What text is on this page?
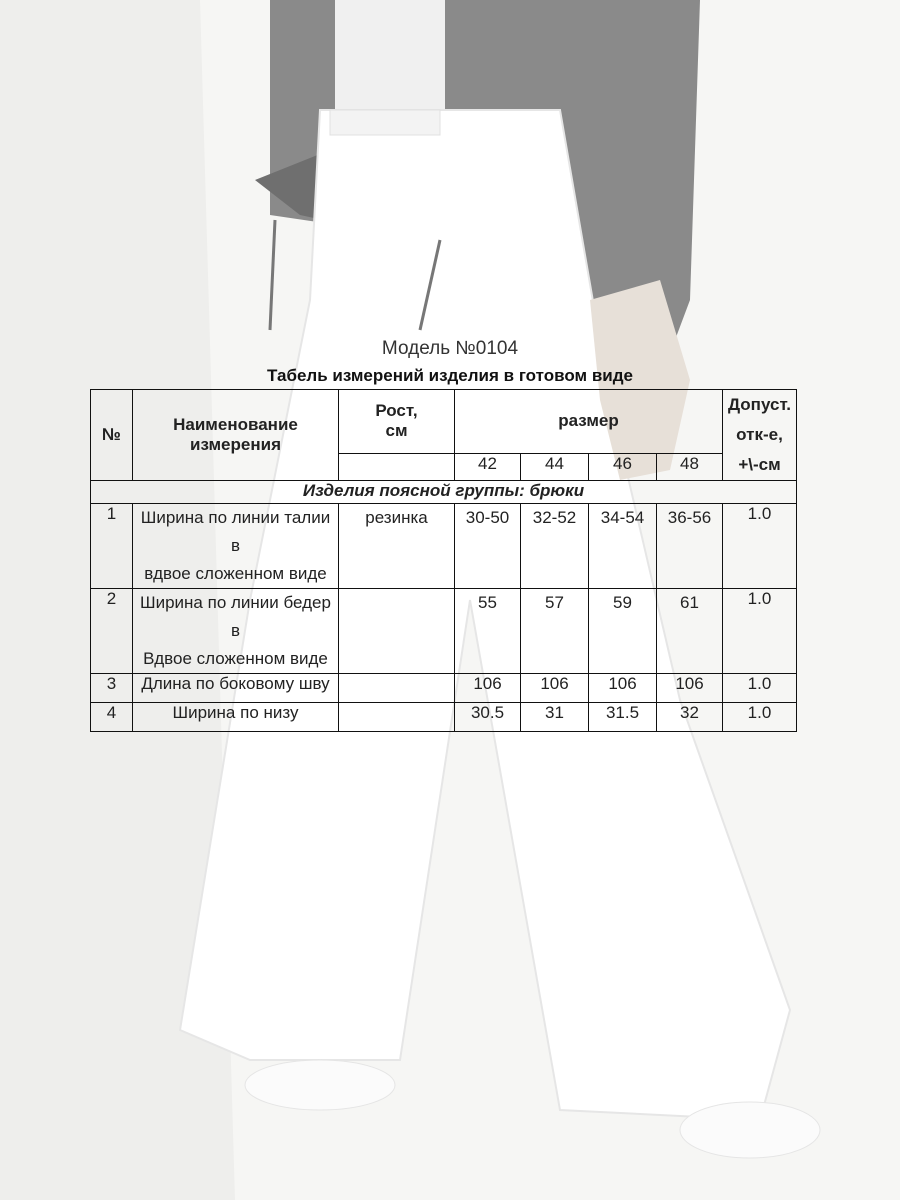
Модель №0104
Табель измерений изделия в готовом виде
№	Наименование измерения	Рост, см	размер				Допуст. отк-е, +\-см
			42	44	46	48	
Изделия поясной группы: брюки							
1	Ширина по линии талии
в
вдвое сложенном виде	резинка	30-50	32-52	34-54	36-56	1.0
2	Ширина по линии бедер
в
Вдвое сложенном виде		55	57	59	61	1.0
3	Длина по боковому шву		106	106	106	106	1.0
4	Ширина по низу		30.5	31	31.5	32	1.0
